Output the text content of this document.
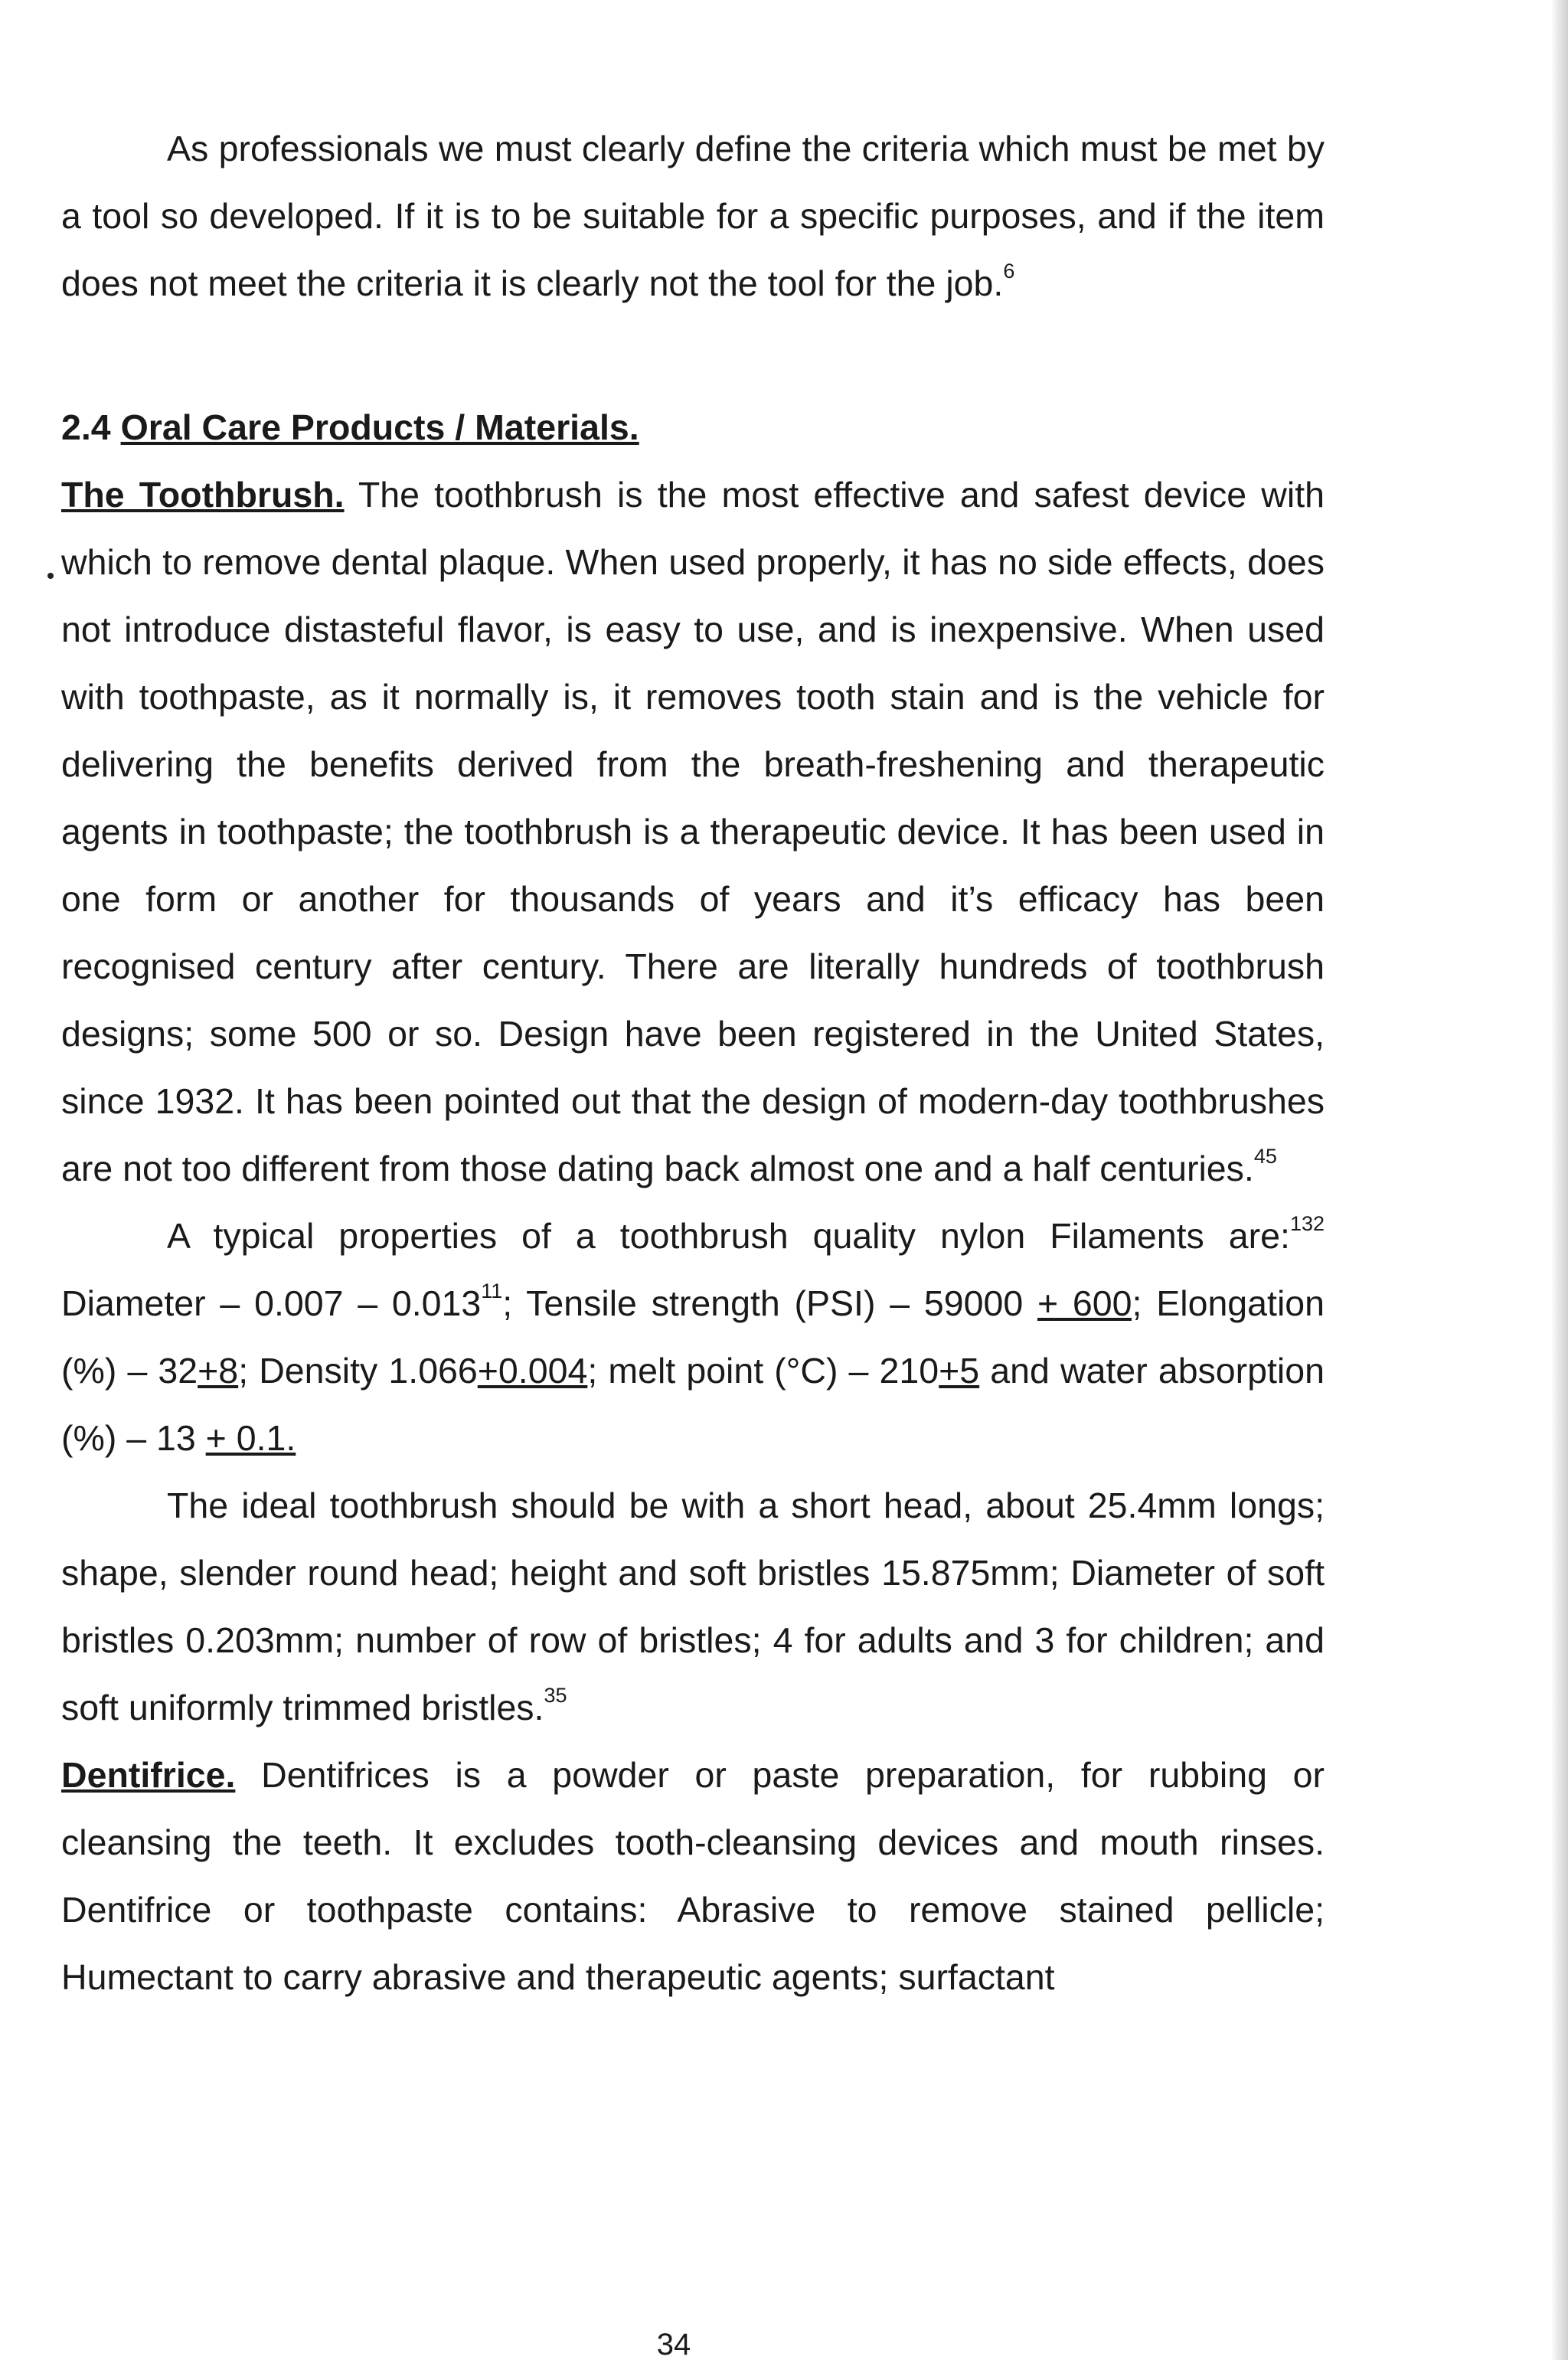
As professionals we must clearly define the criteria which must be met by a tool so developed. If it is to be suitable for a specific purposes, and if the item does not meet the criteria it is clearly not the tool for the job.$^6$

2.4 Oral Care Products / Materials.

The Toothbrush. The toothbrush is the most effective and safest device with which to remove dental plaque. When used properly, it has no side effects, does not introduce distasteful flavor, is easy to use, and is inexpensive. When used with toothpaste, as it normally is, it removes tooth stain and is the vehicle for delivering the benefits derived from the breath-freshening and therapeutic agents in toothpaste; the toothbrush is a therapeutic device. It has been used in one form or another for thousands of years and it’s efficacy has been recognised century after century. There are literally hundreds of toothbrush designs; some 500 or so. Design have been registered in the United States, since 1932. It has been pointed out that the design of modern-day toothbrushes are not too different from those dating back almost one and a half centuries.$^{45}$

A typical properties of a toothbrush quality nylon Filaments are:$^{132}$ Diameter – 0.007 – 0.013$^{11}$; Tensile strength (PSI) – 59000 + 600; Elongation (%) – 32+8; Density 1.066+0.004; melt point (°C) – 210+5 and water absorption (%) – 13 + 0.1.

The ideal toothbrush should be with a short head, about 25.4mm longs; shape, slender round head; height and soft bristles 15.875mm; Diameter of soft bristles 0.203mm; number of row of bristles; 4 for adults and 3 for children; and soft uniformly trimmed bristles.$^{35}$

Dentifrice. Dentifrices is a powder or paste preparation, for rubbing or cleansing the teeth. It excludes tooth-cleansing devices and mouth rinses. Dentifrice or toothpaste contains: Abrasive to remove stained pellicle; Humectant to carry abrasive and therapeutic agents; surfactant

34
